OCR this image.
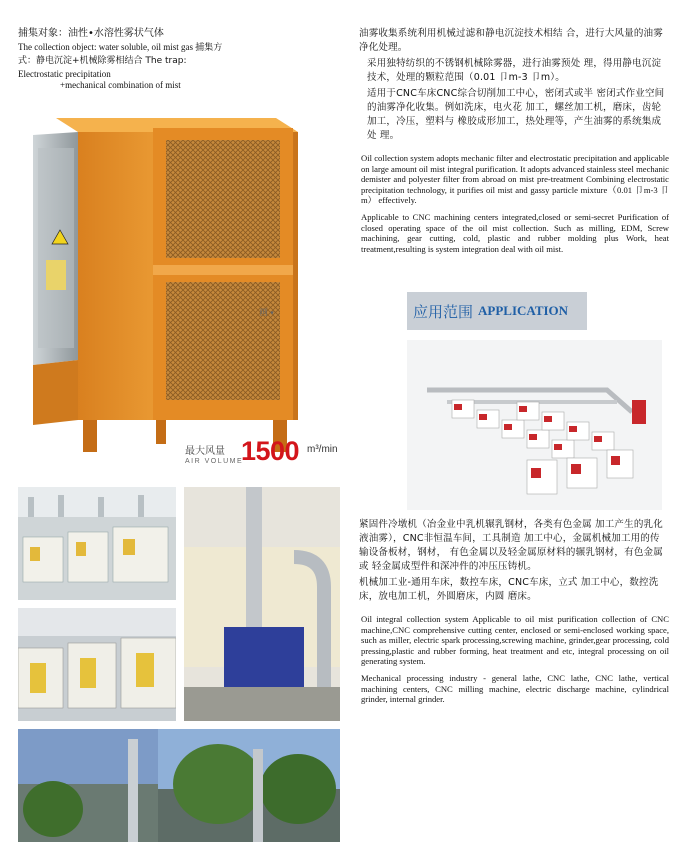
捕集对象：油性•水溶性雾状气体
The collection object: water soluble, oil mist gas 捕集方
式：静电沉淀+机械除雾相结合 The trap:
Electrostatic precipitation
+mechanical combination of mist
最大风量
AIR VOLUME
1500 m³/min

油雾收集系统利用机械过滤和静电沉淀技术相结 合，进行大风量的油雾净化处理。

采用独特纺织的不锈钢机械除雾器，进行油雾预处 理，得用静电沉淀技术，处理的颗粒范围（0.01 卩m-3 卩m）。

适用于CNC车床CNC综合切削加工中心，密闭式或半 密闭式作业空间的油雾净化收集。例如洗床，电火花 加工，螺丝加工机，磨床，齿轮加工，冷压，塑料与 橡胶成形加工，热处理等，产生油雾的系统集成处 理。

Oil collection system adopts mechanic filter and electrostatic precipitation and applicable on large amount oil mist integral purification. It adopts advanced stainless steel mechanic demister and polyester filter from abroad on mist pre-treatment Combining electrostatic precipitation technology, it purifies oil mist and gassy particle mixture（0.01 卩m-3 卩m） effectively.

Applicable to CNC machining centers integrated,closed or semi-secret Purification of closed operating space of the oil mist collection. Such as milling, EDM, Screw machining, gear cutting, cold, plastic and rubber molding plus Work, heat treatment,resulting is system integration deal with oil mist.

画 ▾	应用范围 APPLICATION

紧固件冷墩机（冶金业中乳机辗乳钢材，各类有色金属 加工产生的乳化液油雾），CNC非恒温车间，工具制造 加工中心，金属机械加工用的传输设备板材，钢材， 有色金属以及轻金属原材料的辗乳钢材，有色金属或 轻金属成型件和深冲件的冲压压铸机。

机械加工业-通用车床，数控车床，CNC车床，立式 加工中心，数控洗床，放电加工机，外圆磨床，内圆 磨床。

Oil integral collection system Applicable to oil mist purification collection of CNC machine,CNC comprehensive cutting center, enclosed or semi-enclosed working space, such as miller, electric spark processing,screwing machine, grinder,gear processing, cold pressing,plastic and rubber forming, heat treatment and etc, integral processing on oil generating system.

Mechanical processing industry - general lathe, CNC lathe, CNC lathe, vertical machining centers, CNC milling machine, electric discharge machine, cylindrical grinder, internal grinder.
